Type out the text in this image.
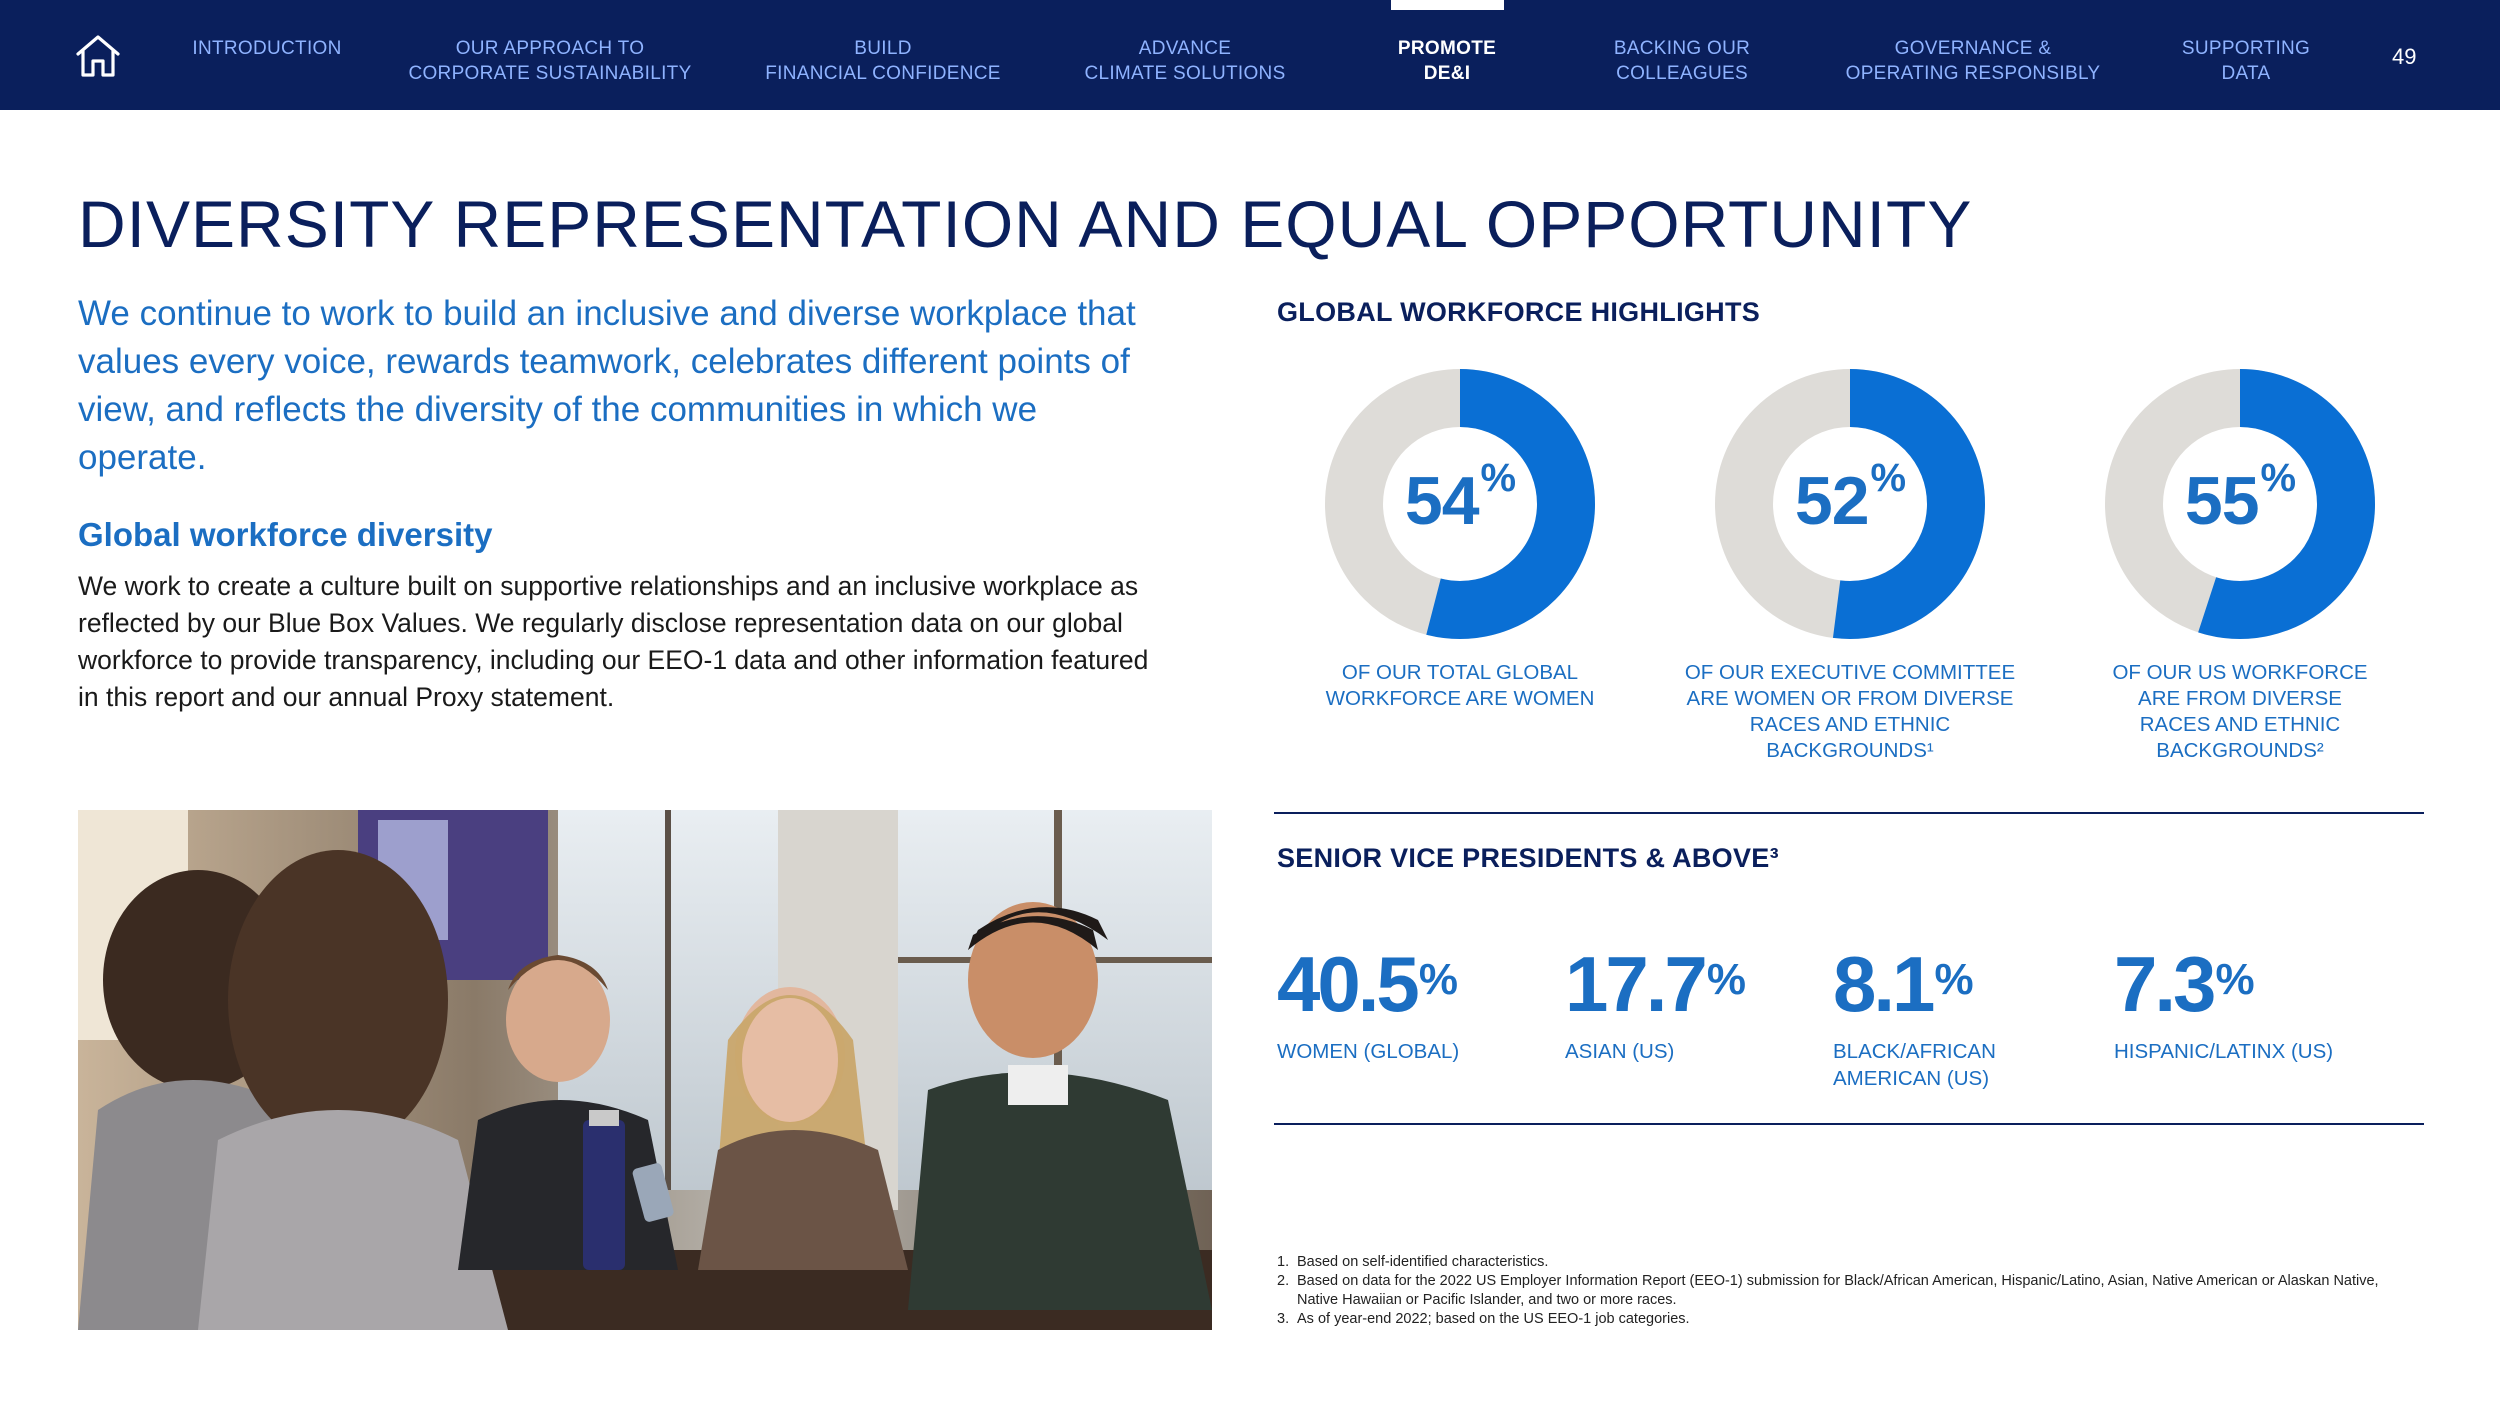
INTRODUCTION	OUR APPROACH TO
CORPORATE SUSTAINABILITY
BUILD
FINANCIAL CONFIDENCE
ADVANCE
CLIMATE SOLUTIONS
PROMOTE
DE&I
BACKING OUR
COLLEAGUES
GOVERNANCE &
OPERATING RESPONSIBLY
SUPPORTING
DATA
49
DIVERSITY REPRESENTATION AND EQUAL OPPORTUNITY
We continue to work to build an inclusive and diverse workplace that values every voice, rewards teamwork, celebrates different points of view, and reflects the diversity of the communities in which we operate.
Global workforce diversity
We work to create a culture built on supportive relationships and an inclusive workplace as reflected by our Blue Box Values. We regularly disclose representation data on our global workforce to provide transparency, including our EEO-1 data and other information featured in this report and our annual Proxy statement.
GLOBAL WORKFORCE HIGHLIGHTS
54%
OF OUR TOTAL GLOBAL WORKFORCE ARE WOMEN
52%
OF OUR EXECUTIVE COMMITTEE ARE WOMEN OR FROM DIVERSE RACES AND ETHNIC BACKGROUNDS¹
55%
OF OUR US WORKFORCE ARE FROM DIVERSE RACES AND ETHNIC BACKGROUNDS²
SENIOR VICE PRESIDENTS & ABOVE³
40.5%
WOMEN (GLOBAL)
17.7%
ASIAN (US)
8.1%
BLACK/AFRICAN AMERICAN (US)
7.3%
HISPANIC/LATINX (US)
1. Based on self-identified characteristics.
2. Based on data for the 2022 US Employer Information Report (EEO-1) submission for Black/African American, Hispanic/Latino, Asian, Native American or Alaskan Native, Native Hawaiian or Pacific Islander, and two or more races.
3. As of year-end 2022; based on the US EEO-1 job categories.
